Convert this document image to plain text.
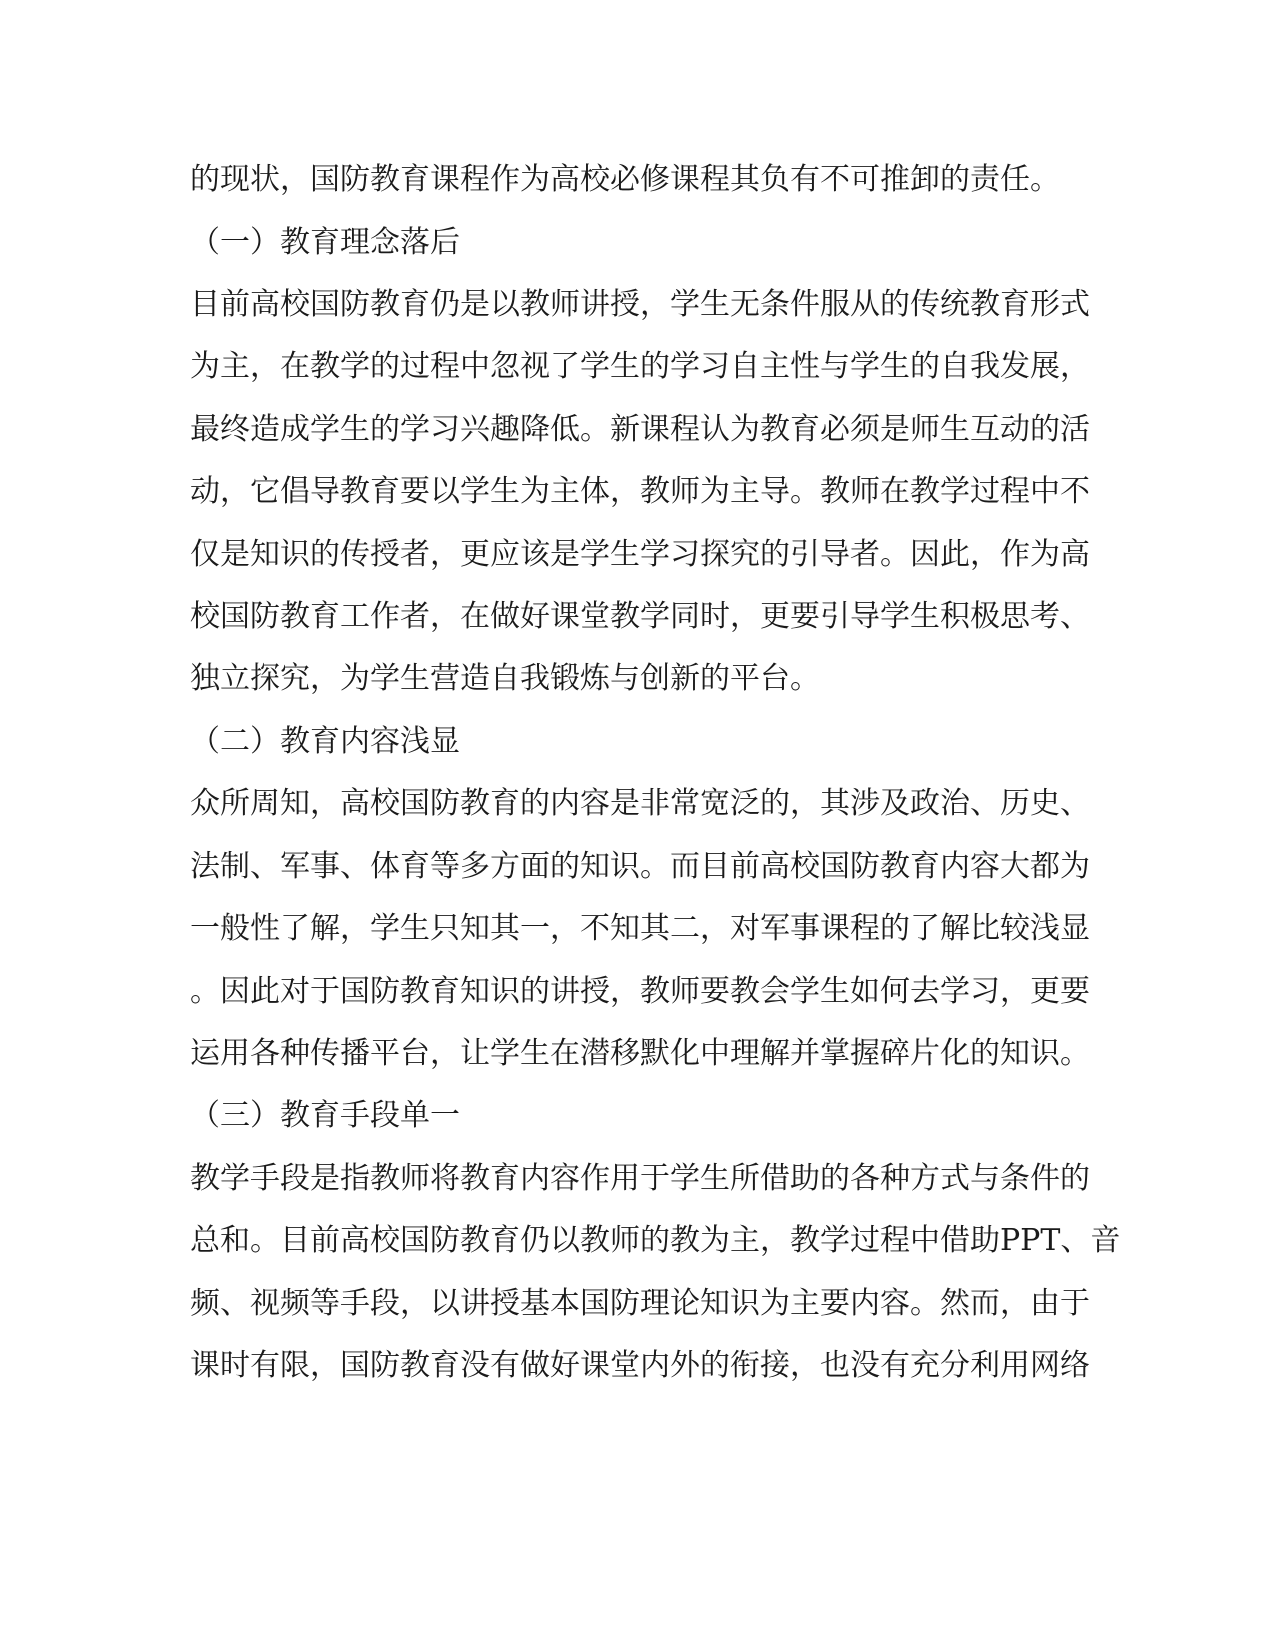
的现状，国防教育课程作为高校必修课程其负有不可推卸的责任。
（一）教育理念落后
目前高校国防教育仍是以教师讲授，学生无条件服从的传统教育形式
为主，在教学的过程中忽视了学生的学习自主性与学生的自我发展，
最终造成学生的学习兴趣降低。新课程认为教育必须是师生互动的活
动，它倡导教育要以学生为主体，教师为主导。教师在教学过程中不
仅是知识的传授者，更应该是学生学习探究的引导者。因此，作为高
校国防教育工作者，在做好课堂教学同时，更要引导学生积极思考、
独立探究，为学生营造自我锻炼与创新的平台。
（二）教育内容浅显
众所周知，高校国防教育的内容是非常宽泛的，其涉及政治、历史、
法制、军事、体育等多方面的知识。而目前高校国防教育内容大都为
一般性了解，学生只知其一，不知其二，对军事课程的了解比较浅显
。因此对于国防教育知识的讲授，教师要教会学生如何去学习，更要
运用各种传播平台，让学生在潜移默化中理解并掌握碎片化的知识。
（三）教育手段单一
教学手段是指教师将教育内容作用于学生所借助的各种方式与条件的
总和。目前高校国防教育仍以教师的教为主，教学过程中借助PPT、音
频、视频等手段，以讲授基本国防理论知识为主要内容。然而，由于
课时有限，国防教育没有做好课堂内外的衔接，也没有充分利用网络
